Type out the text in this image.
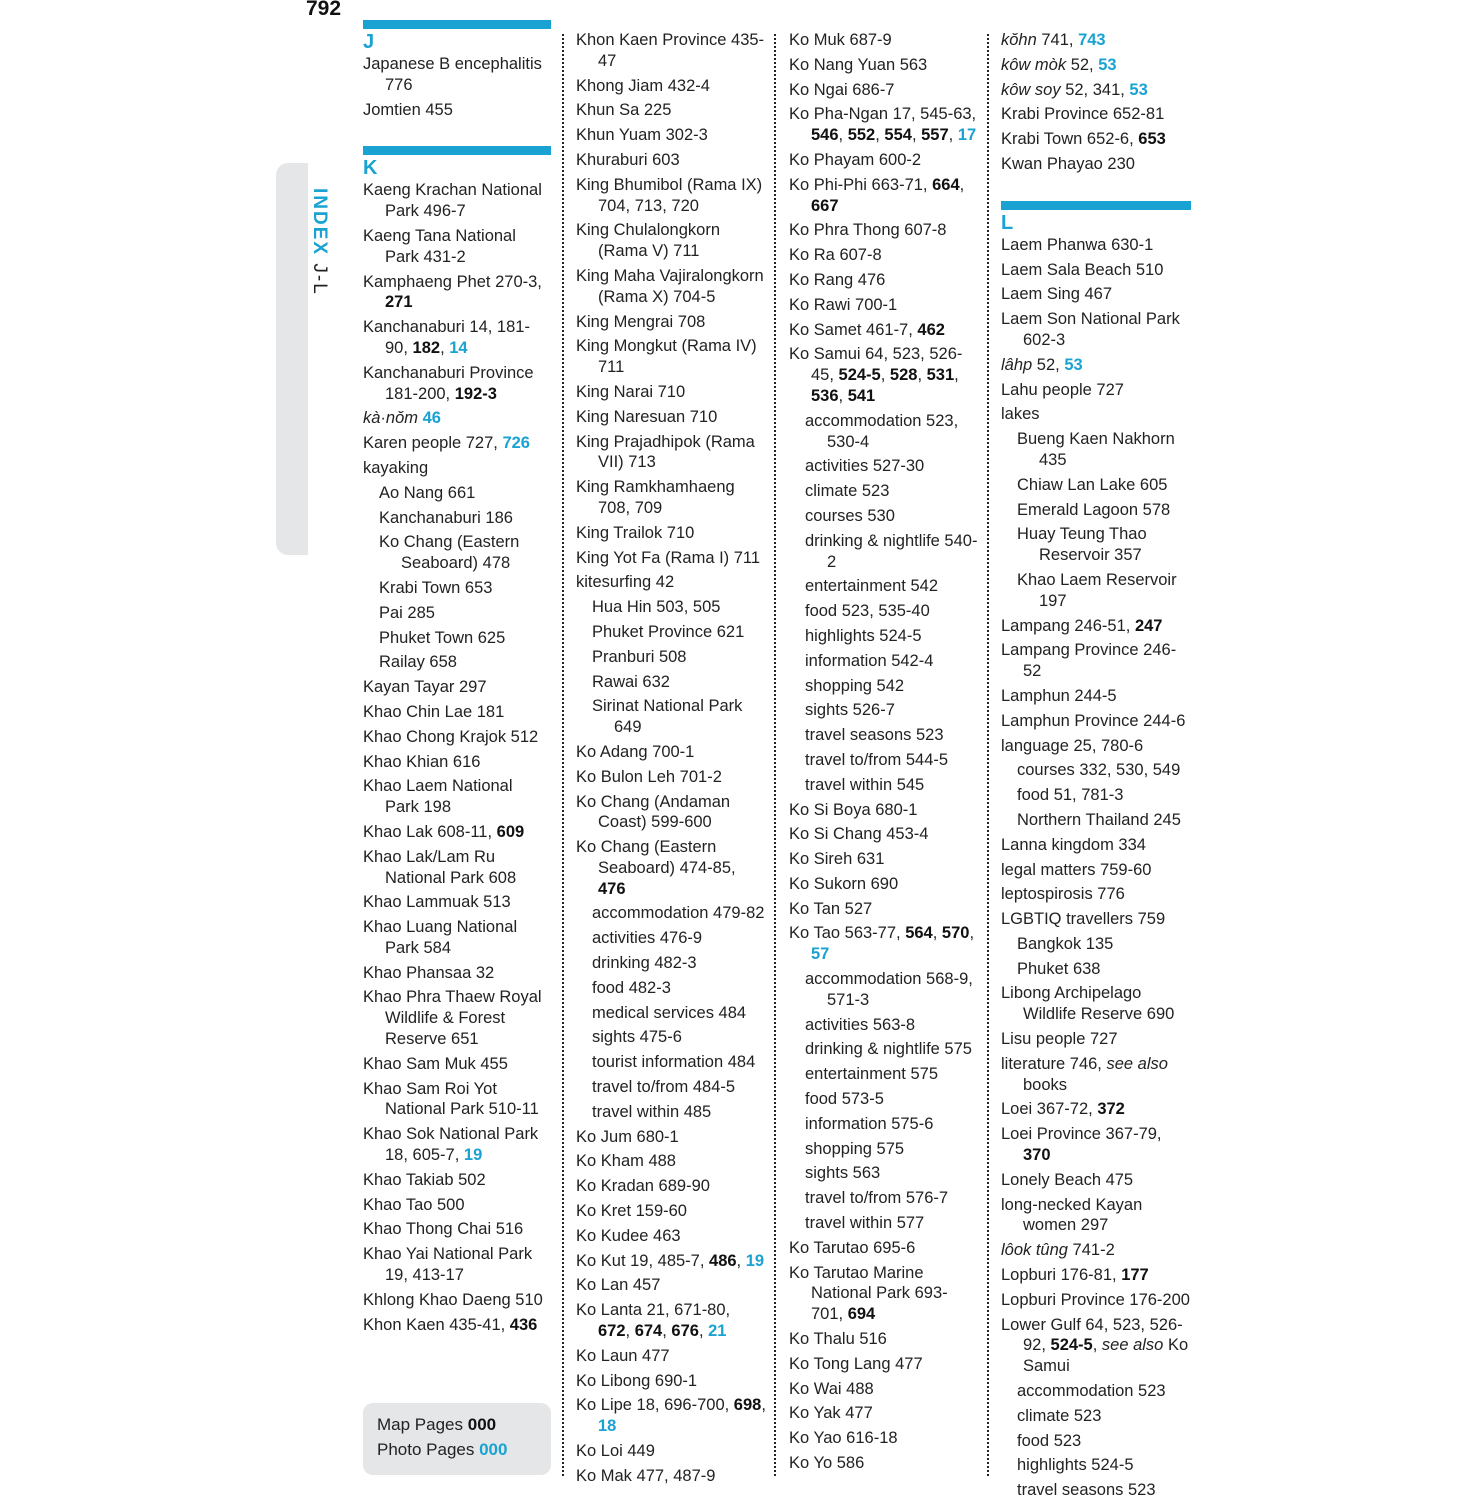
792
INDEX J-L
J
Japanese B encephalitis 776
Jomtien 455
K
Kaeng Krachan National Park 496-7
Kaeng Tana National Park 431-2
Kamphaeng Phet 270-3, 271
Kanchanaburi 14, 181-90, 182, 14
Kanchanaburi Province 181-200, 192-3
kà·nŏm 46
Karen people 727, 726
kayaking
Ao Nang 661
Kanchanaburi 186
Ko Chang (Eastern Seaboard) 478
Krabi Town 653
Pai 285
Phuket Town 625
Railay 658
Kayan Tayar 297
Khao Chin Lae 181
Khao Chong Krajok 512
Khao Khian 616
Khao Laem National Park 198
Khao Lak 608-11, 609
Khao Lak/Lam Ru National Park 608
Khao Lammuak 513
Khao Luang National Park 584
Khao Phansaa 32
Khao Phra Thaew Royal Wildlife & Forest Reserve 651
Khao Sam Muk 455
Khao Sam Roi Yot National Park 510-11
Khao Sok National Park 18, 605-7, 19
Khao Takiab 502
Khao Tao 500
Khao Thong Chai 516
Khao Yai National Park 19, 413-17
Khlong Khao Daeng 510
Khon Kaen 435-41, 436
Khon Kaen Province 435-47
Khong Jiam 432-4
Khun Sa 225
Khun Yuam 302-3
Khuraburi 603
King Bhumibol (Rama IX) 704, 713, 720
King Chulalongkorn (Rama V) 711
King Maha Vajiralongkorn (Rama X) 704-5
King Mengrai 708
King Mongkut (Rama IV) 711
King Narai 710
King Naresuan 710
King Prajadhipok (Rama VII) 713
King Ramkhamhaeng 708, 709
King Trailok 710
King Yot Fa (Rama I) 711
kitesurfing 42
Hua Hin 503, 505
Phuket Province 621
Pranburi 508
Rawai 632
Sirinat National Park 649
Ko Adang 700-1
Ko Bulon Leh 701-2
Ko Chang (Andaman Coast) 599-600
Ko Chang (Eastern Seaboard) 474-85, 476
accommodation 479-82
activities 476-9
drinking 482-3
food 482-3
medical services 484
sights 475-6
tourist information 484
travel to/from 484-5
travel within 485
Ko Jum 680-1
Ko Kham 488
Ko Kradan 689-90
Ko Kret 159-60
Ko Kudee 463
Ko Kut 19, 485-7, 486, 19
Ko Lan 457
Ko Lanta 21, 671-80, 672, 674, 676, 21
Ko Laun 477
Ko Libong 690-1
Ko Lipe 18, 696-700, 698, 18
Ko Loi 449
Ko Mak 477, 487-9
Ko Muk 687-9
Ko Nang Yuan 563
Ko Ngai 686-7
Ko Pha-Ngan 17, 545-63, 546, 552, 554, 557, 17
Ko Phayam 600-2
Ko Phi-Phi 663-71, 664, 667
Ko Phra Thong 607-8
Ko Ra 607-8
Ko Rang 476
Ko Rawi 700-1
Ko Samet 461-7, 462
Ko Samui 64, 523, 526-45, 524-5, 528, 531, 536, 541
accommodation 523, 530-4
activities 527-30
climate 523
courses 530
drinking & nightlife 540-2
entertainment 542
food 523, 535-40
highlights 524-5
information 542-4
shopping 542
sights 526-7
travel seasons 523
travel to/from 544-5
travel within 545
Ko Si Boya 680-1
Ko Si Chang 453-4
Ko Sireh 631
Ko Sukorn 690
Ko Tan 527
Ko Tao 563-77, 564, 570, 57
accommodation 568-9, 571-3
activities 563-8
drinking & nightlife 575
entertainment 575
food 573-5
information 575-6
shopping 575
sights 563
travel to/from 576-7
travel within 577
Ko Tarutao 695-6
Ko Tarutao Marine National Park 693-701, 694
Ko Thalu 516
Ko Tong Lang 477
Ko Wai 488
Ko Yak 477
Ko Yao 616-18
Ko Yo 586
kŏhn 741, 743
kôw mòk 52, 53
kôw soy 52, 341, 53
Krabi Province 652-81
Krabi Town 652-6, 653
Kwan Phayao 230
L
Laem Phanwa 630-1
Laem Sala Beach 510
Laem Sing 467
Laem Son National Park 602-3
lâhp 52, 53
Lahu people 727
lakes
Bueng Kaen Nakhorn 435
Chiaw Lan Lake 605
Emerald Lagoon 578
Huay Teung Thao Reservoir 357
Khao Laem Reservoir 197
Lampang 246-51, 247
Lampang Province 246-52
Lamphun 244-5
Lamphun Province 244-6
language 25, 780-6
courses 332, 530, 549
food 51, 781-3
Northern Thailand 245
Lanna kingdom 334
legal matters 759-60
leptospirosis 776
LGBTIQ travellers 759
Bangkok 135
Phuket 638
Libong Archipelago Wildlife Reserve 690
Lisu people 727
literature 746, see also books
Loei 367-72, 372
Loei Province 367-79, 370
Lonely Beach 475
long-necked Kayan women 297
lôok tûng 741-2
Lopburi 176-81, 177
Lopburi Province 176-200
Lower Gulf 64, 523, 526-92, 524-5, see also Ko Samui
accommodation 523
climate 523
food 523
highlights 524-5
travel seasons 523
Map Pages 000
Photo Pages 000
